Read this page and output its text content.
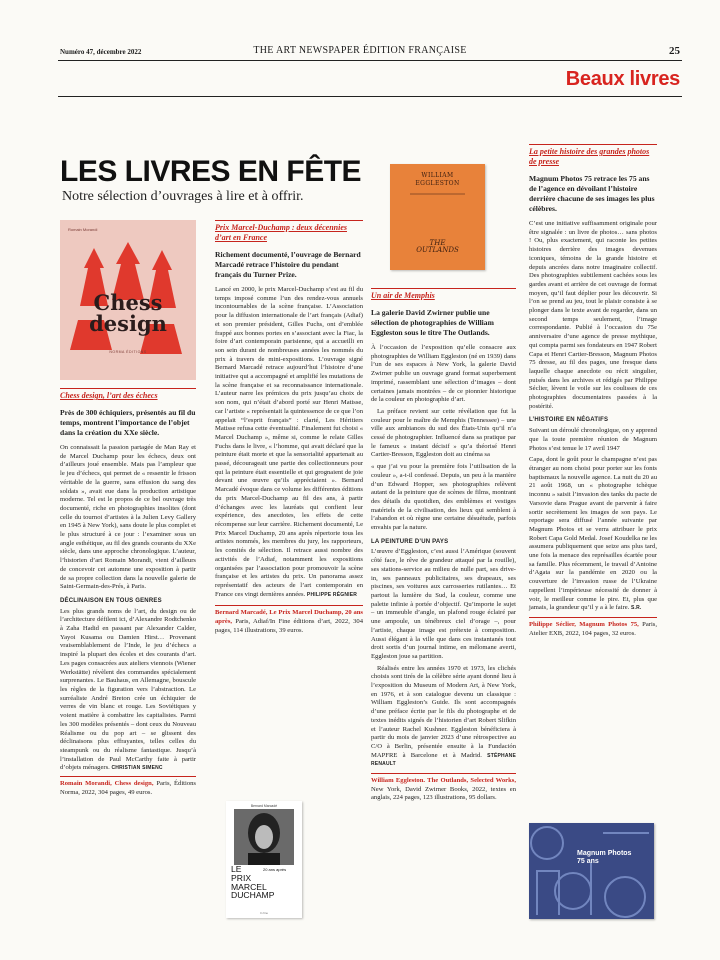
Numéro 47, décembre 2022	THE ART NEWSPAPER ÉDITION FRANÇAISE	25
Beaux livres
LES LIVRES EN FÊTE
Notre sélection d’ouvrages à lire et à offrir.
Romain Morandi
Chess
design
NORMA ÉDITIONS
Chess design, l’art des échecs
Près de 300 échiquiers, présentés au fil du temps, montrent l’importance de l’objet dans la création du XXe siècle.

On connaissait la passion partagée de Man Ray et de Marcel Duchamp pour les échecs, deux ont d’ailleurs joué ensemble. Mais pas l’ampleur que le jeu d’échecs, qui permet de « ressentir le frisson véritable de la guerre, sans effusion du sang des soldats », avait eue dans la production artistique moderne. Tel est le propos de ce bel ouvrage très documenté, riche en photographies insolites (dont celle du tournoi d’artistes à la Julien Levy Gallery en 1945 à New York), sans doute le plus complet et le plus structuré à ce jour : l’examiner sous un angle esthétique, au fil des grands courants du XXe siècle, dans une approche chronologique. L’auteur, l’historien d’art Romain Morandi, vient d’ailleurs de concevoir cet automne une exposition à partir de sa propre collection dans la nouvelle galerie de Saint-Germain-des-Prés, à Paris.

DÉCLINAISON EN TOUS GENRES

Les plus grands noms de l’art, du design ou de l’architecture défilent ici, d’Alexandre Rodtchenko à Zaha Hadid en passant par Alexander Calder, Yayoi Kusama ou Damien Hirst… Provenant vraisemblablement de l’Inde, le jeu d’échecs a inspiré la plupart des écoles et des courants d’art. Les pages consacrées aux ateliers viennois (Wiener Werkstätte) révèlent des commandes spécialement surprenantes. Le Bauhaus, en Allemagne, bouscule les règles de la figuration vers l’abstraction. Le surréaliste André Breton crée un échiquier de verres de vin blanc et rouge. Les Soviétiques y voient matière à combattre les capitalistes. Parmi les 300 modèles présentés – dont ceux du Nouveau Réalisme ou du pop art – se glissent des déclinaisons plus effrayantes, telles celles du steampunk ou du réalisme fantastique. Jusqu’à l’installation de Paul McCarthy faite à partir d’objets ménagers. CHRISTIAN SIMENC

Romain Morandi, Chess design, Paris, Éditions Norma, 2022, 304 pages, 49 euros.
Prix Marcel-Duchamp : deux décennies d’art en France
Richement documenté, l’ouvrage de Bernard Marcadé retrace l’histoire du pendant français du Turner Prize.

Lancé en 2000, le prix Marcel-Duchamp s’est au fil du temps imposé comme l’un des rendez-vous annuels incontournables de la scène française. L’Association pour la diffusion internationale de l’art français (Adiaf) et son premier président, Gilles Fuchs, ont d’emblée frappé aux bonnes portes en s’associant avec la Fiac, la foire d’art contemporain parisienne, qui a accueilli en son sein durant de nombreuses années les nommés du prix à travers de mini-expositions. L’ouvrage signé Bernard Marcadé retrace aujourd’hui l’histoire d’une initiative qui a accompagné et amplifié les mutations de la scène française et sa reconnaissance internationale. L’auteur narre les prémices du prix jusqu’au choix de son nom, qui n’était d’abord porté sur Henri Matisse, car l’artiste « représentait la quintessence de ce que l’on appelait “l’esprit français” : clarté, Les Héritiers Matisse refusa cette éventualité. Finalement fut choisi « Marcel Duchamp », même si, comme le relate Gilles Fuchs dans le livre, « l’homme, qui avait déclaré que la peinture était morte et que la sensorialité appartenait au passé, décourageait une partie des collectionneurs pour qui la peinture était essentielle et qui grognaient de joie devant une œuvre qu’ils appréciaient ». Bernard Marcadé évoque dans ce volume les différentes éditions du prix Marcel-Duchamp au fil des ans, à partir d’échanges avec les lauréats qui confient leur expérience, des anecdotes, les effets de cette récompense sur leur carrière. Richement documenté, Le Prix Marcel Duchamp, 20 ans après répertorie tous les artistes nommés, les membres du jury, les rapporteurs, les comités de sélection. Il retrace aussi nombre des activités de l’Adiaf, notamment les expositions organisées par l’association pour promouvoir la scène française et les artistes du prix. Un panorama assez représentatif des acteurs de l’art contemporain en France ces vingt dernières années. PHILIPPE RÉGNIER

Bernard Marcadé, Le Prix Marcel Duchamp, 20 ans après, Paris, Adiaf/In Fine éditions d’art, 2022, 304 pages, 114 illustrations, 39 euros.
Bernard Marcadé
LE
PRIX
MARCEL
DUCHAMP
20 ans après
In fine
WILLIAM
EGGLESTON
THE
OUTLANDS
Un air de Memphis
La galerie David Zwirner publie une sélection de photographies de William Eggleston sous le titre The Outlands.

À l’occasion de l’exposition qu’elle consacre aux photographies de William Eggleston (né en 1939) dans l’un de ses espaces à New York, la galerie David Zwirner publie un ouvrage grand format superbement imprimé, rassemblant une sélection d’images – dont certaines jamais montrées – de ce pionnier historique de la couleur en photographie d’art.

La préface revient sur cette révélation que fut la couleur pour le maître de Memphis (Tennessee) – une ville aux ambiances du sud des États-Unis qu’il n’a cessé de photographier. Influencé dans sa pratique par le fameux « instant décisif » qu’a théorisé Henri Cartier-Bresson, Eggleston doit au cinéma sa

« que j’ai vu pour la première fois l’utilisation de la couleur », a-t-il confessé. Depuis, un peu à la manière d’un Edward Hopper, ses photographies relèvent autant de la peinture que de scènes de films, montrant des détails du quotidien, des emblèmes et vestiges matériels de la civilisation, des lieux qui semblent à l’abandon et où règne une certaine désuétude, parfois envahis par la nature.

LA PEINTURE D’UN PAYS

L’œuvre d’Eggleston, c’est aussi l’Amérique (souvent côté face, le rêve de grandeur attaqué par la rouille), ses stations-service au milieu de nulle part, ses drive-in, ses panneaux publicitaires, ses drapeaux, ses piscines, ses voitures aux carrosseries rutilantes… Et partout la lumière du Sud, la couleur, comme une palette infinie à portée d’objectif. Qu’importe le sujet – un immeuble d’angle, un plafond rouge éclairé par une ampoule, un ténébreux ciel d’orage –, pour l’artiste, chaque image est prétexte à composition. Aussi élégant à la ville que dans ces instantanés tout droit sortis d’un journal intime, en mélomane averti, Eggleston joue sa partition.

Réalisés entre les années 1970 et 1973, les clichés choisis sont tirés de la célèbre série ayant donné lieu à l’exposition du Museum of Modern Art, à New York, en 1976, et à son catalogue devenu un classique : William Eggleston’s Guide. Ils sont accompagnés d’une préface écrite par le fils du photographe et de textes inédits signés de l’historien d’art Robert Slifkin et l’auteur Rachel Kushner. Eggleston bénéficiera à partir du mois de janvier 2023 d’une rétrospective au C/O à Berlin, présentée ensuite à la Fundación MAPFRE à Barcelone et à Madrid. STÉPHANE RENAULT

William Eggleston. The Outlands, Selected Works, New York, David Zwirner Books, 2022, textes en anglais, 224 pages, 123 illustrations, 95 dollars.
La petite histoire des grandes photos de presse
Magnum Photos 75 retrace les 75 ans de l’agence en dévoilant l’histoire derrière chacune de ses images les plus célèbres.

C’est une initiative suffisamment originale pour être signalée : un livre de photos… sans photos ! Ou, plus exactement, qui raconte les petites histoires derrière des images devenues iconiques, témoins de la grande histoire et depuis ancrées dans notre imaginaire collectif. Des photographies subtilement cachées sous les gardes avant et arrière de cet ouvrage de format moyen, qu’il faut déplier pour les découvrir. Si l’on se prend au jeu, tout le plaisir consiste à se plonger dans le texte avant de regarder, dans un second temps seulement, l’image correspondante. Publié à l’occasion du 75e anniversaire d’une agence de presse mythique, qui compta parmi ses fondateurs en 1947 Robert Capa et Henri Cartier-Bresson, Magnum Photos 75 dresse, au fil des pages, une fresque dans laquelle chaque anecdote ou récit singulier, puisés dans les archives et rédigés par Philippe Séclier, lèvent le voile sur les coulisses de ces photographies documentaires passées à la postérité.

L’HISTOIRE EN NÉGATIFS

Suivant un déroulé chronologique, on y apprend que la toute première réunion de Magnum Photos s’est tenue le 17 avril 1947

Capa, dont le goût pour le champagne n’est pas étranger au nom choisi pour porter sur les fonts baptismaux la nouvelle agence. La nuit du 20 au 21 août 1968, un « photographe tchèque inconnu » saisit l’invasion des tanks du pacte de Varsovie dans Prague avant de parvenir à faire sortir secrètement les images de son pays. Le reportage sera diffusé l’année suivante par Magnum Photos et se verra attribuer le prix Robert Capa Gold Medal. Josef Koudelka ne les assumera publiquement que seize ans plus tard, une fois la menace des représailles écartée pour sa famille. Plus récemment, le travail d’Antoine d’Agata sur la pandémie en 2020 ou la couverture de l’invasion russe de l’Ukraine rappellent l’impérieuse nécessité de donner à voir, le meilleur comme le pire. Et, plus que jamais, la grandeur qu’il y a à le faire. S.R.

Philippe Séclier, Magnum Photos 75, Paris, Atelier EXB, 2022, 104 pages, 32 euros.
Magnum Photos
75 ans
